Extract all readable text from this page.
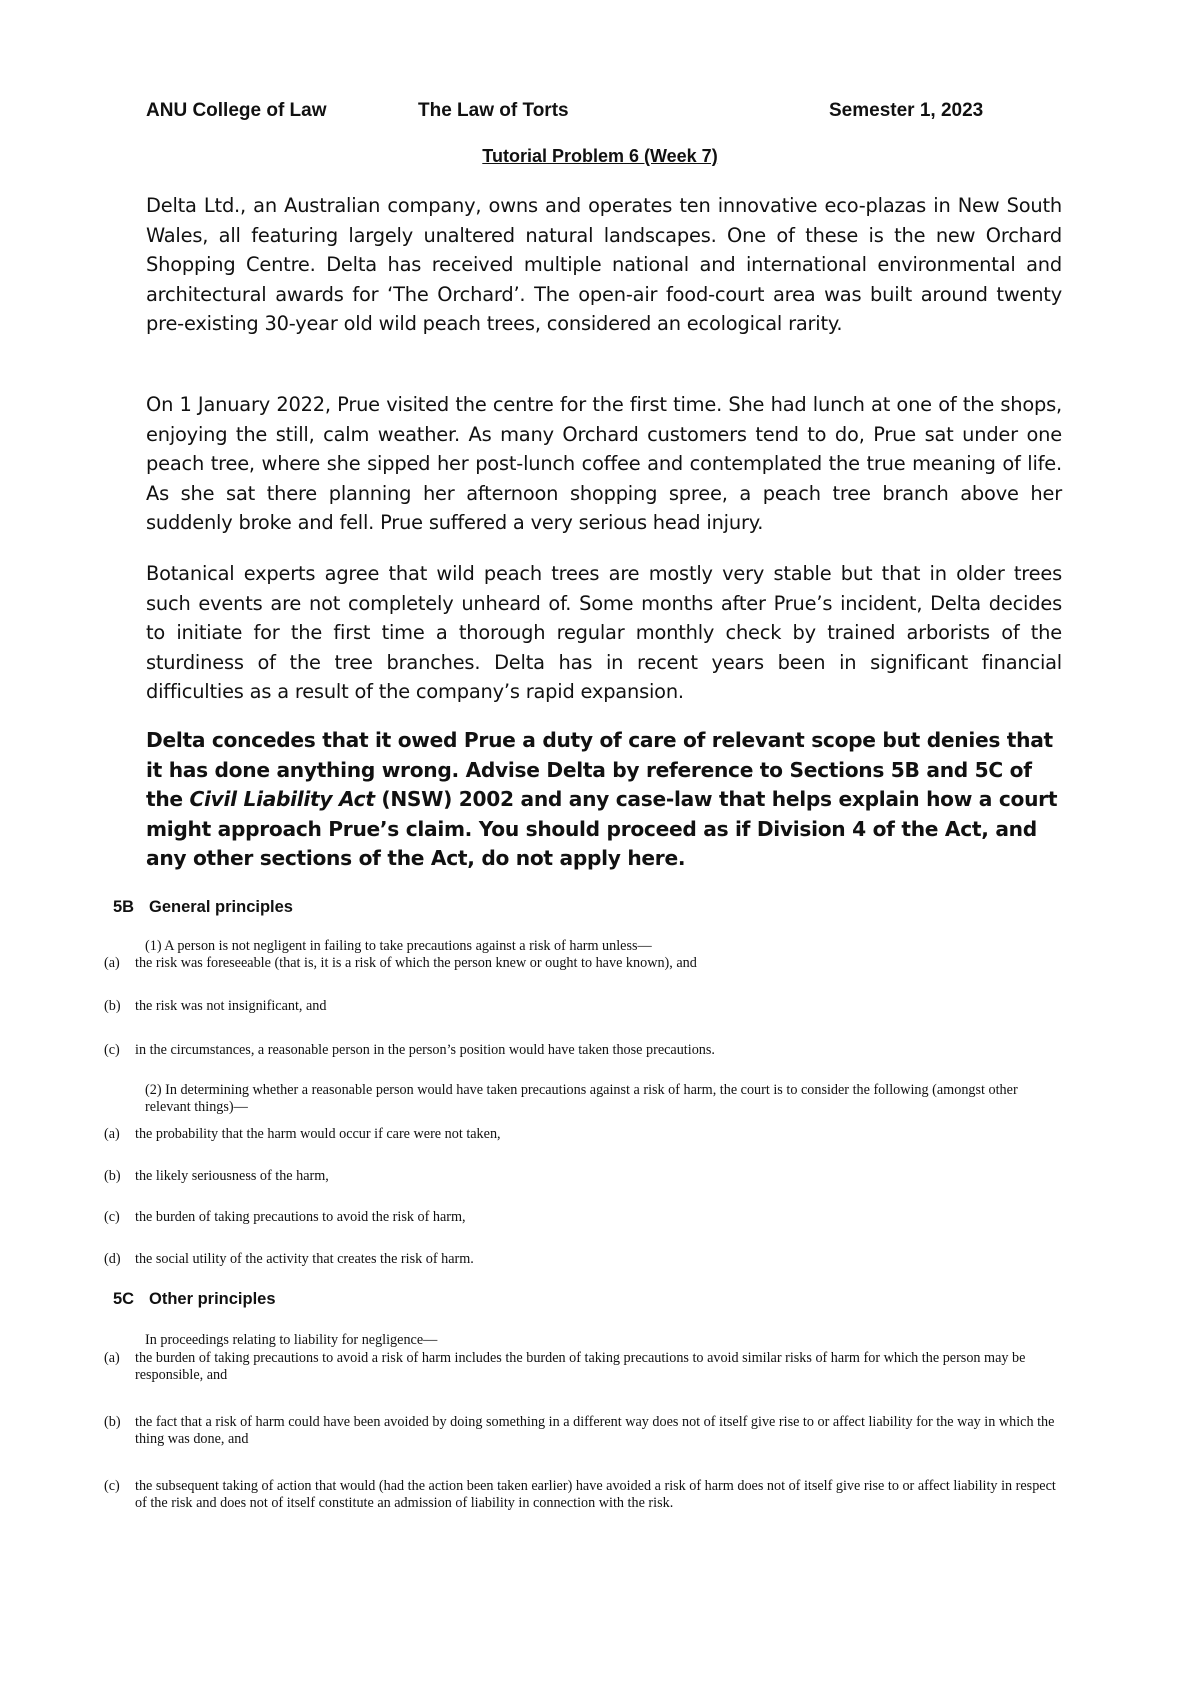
ANU College of Law	The Law of Torts	Semester 1, 2023
Tutorial Problem 6 (Week 7)

Delta Ltd., an Australian company, owns and operates ten innovative eco-plazas in New South Wales, all featuring largely unaltered natural landscapes. One of these is the new Orchard Shopping Centre. Delta has received multiple national and international environmental and architectural awards for ‘The Orchard’. The open-air food-court area was built around twenty pre-existing 30-year old wild peach trees, considered an ecological rarity.

On 1 January 2022, Prue visited the centre for the first time. She had lunch at one of the shops, enjoying the still, calm weather. As many Orchard customers tend to do, Prue sat under one peach tree, where she sipped her post-lunch coffee and contemplated the true meaning of life. As she sat there planning her afternoon shopping spree, a peach tree branch above her suddenly broke and fell. Prue suffered a very serious head injury.

Botanical experts agree that wild peach trees are mostly very stable but that in older trees such events are not completely unheard of. Some months after Prue’s incident, Delta decides to initiate for the first time a thorough regular monthly check by trained arborists of the sturdiness of the tree branches. Delta has in recent years been in significant financial difficulties as a result of the company’s rapid expansion.

Delta concedes that it owed Prue a duty of care of relevant scope but denies that it has done anything wrong. Advise Delta by reference to Sections 5B and 5C of the Civil Liability Act (NSW) 2002 and any case-law that helps explain how a court might approach Prue’s claim. You should proceed as if Division 4 of the Act, and any other sections of the Act, do not apply here.

5B General principles
(1) A person is not negligent in failing to take precautions against a risk of harm unless—
(a)	the risk was foreseeable (that is, it is a risk of which the person knew or ought to have known), and
(b)	the risk was not insignificant, and
(c)	in the circumstances, a reasonable person in the person’s position would have taken those precautions.
(2) In determining whether a reasonable person would have taken precautions against a risk of harm, the court is to consider the following (amongst other relevant things)—
(a)	the probability that the harm would occur if care were not taken,
(b)	the likely seriousness of the harm,
(c)	the burden of taking precautions to avoid the risk of harm,
(d)	the social utility of the activity that creates the risk of harm.
5C Other principles
In proceedings relating to liability for negligence—
(a)	the burden of taking precautions to avoid a risk of harm includes the burden of taking precautions to avoid similar risks of harm for which the person may be responsible, and
(b)	the fact that a risk of harm could have been avoided by doing something in a different way does not of itself give rise to or affect liability for the way in which the thing was done, and
(c)	the subsequent taking of action that would (had the action been taken earlier) have avoided a risk of harm does not of itself give rise to or affect liability in respect of the risk and does not of itself constitute an admission of liability in connection with the risk.
